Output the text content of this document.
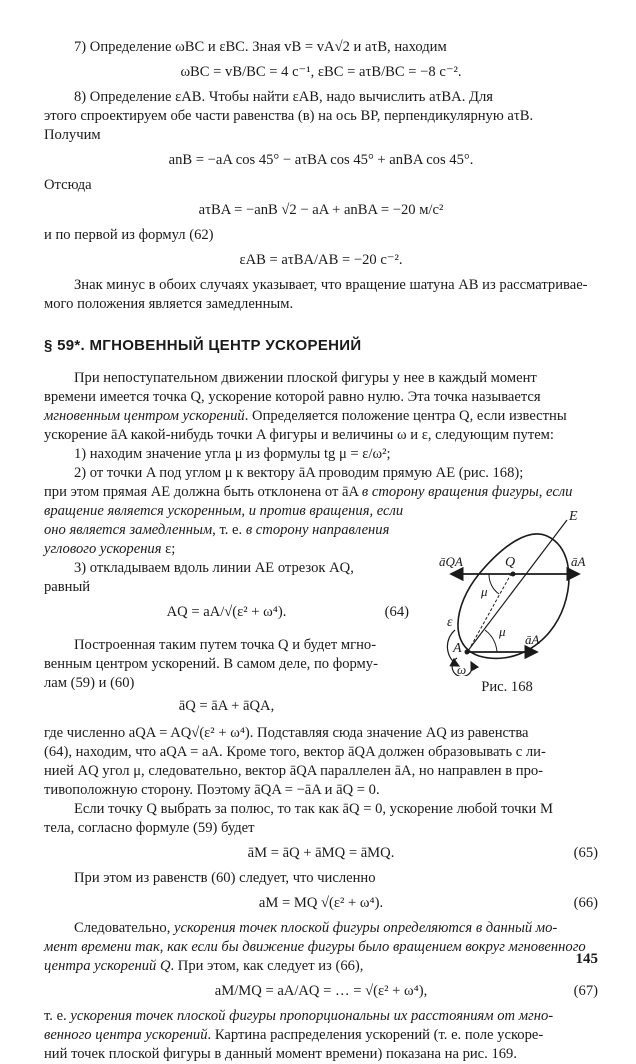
7) Определение ωBC и εBC. Зная vB = vA√2 и aτB, находим

ωBC = vB/BC = 4 c⁻¹, εBC = aτB/BC = −8 c⁻².

8) Определение εAB. Чтобы найти εAB, надо вычислить aτBA. Для

этого спроектируем обе части равенства (в) на ось BP, перпендикулярную aτB.

Получим

anB = −aA cos 45° − aτBA cos 45° + anBA cos 45°.

Отсюда

aτBA = −anB √2 − aA + anBA = −20 м/c²

и по первой из формул (62)

εAB = aτBA/AB = −20 c⁻².

Знак минус в обоих случаях указывает, что вращение шатуна AB из рассматривае-

мого положения является замедленным.

§ 59*. МГНОВЕННЫЙ ЦЕНТР УСКОРЕНИЙ

При непоступательном движении плоской фигуры у нее в каждый момент

времени имеется точка Q, ускорение которой равно нулю. Эта точка называется

мгновенным центром ускорений. Определяется положение центра Q, если известны

ускорение āA какой-нибудь точки A фигуры и величины ω и ε, следующим путем:

1) находим значение угла μ из формулы tg μ = ε/ω²;

2) от точки A под углом μ к вектору āA проводим прямую AE (рис. 168);

при этом прямая AE должна быть отклонена от āA в сторону вращения фигуры, если

вращение является ускоренным, и против вращения, если

оно является замедленным, т. е. в сторону направления

углового ускорения ε;

3) откладываем вдоль линии AE отрезок AQ,

равный

AQ = aA/√(ε² + ω⁴).	(64)

Построенная таким путем точка Q и будет мгно-

венным центром ускорений. В самом деле, по форму-

лам (59) и (60)

āQ = āA + āQA,
E
āQA	Q	āA
μ
μ
ε
āA
A
ω
Рис. 168

где численно aQA = AQ√(ε² + ω⁴). Подставляя сюда значение AQ из равенства

(64), находим, что aQA = aA. Кроме того, вектор āQA должен образовывать с ли-

нией AQ угол μ, следовательно, вектор āQA параллелен āA, но направлен в про-

тивоположную сторону. Поэтому āQA = −āA и āQ = 0.

Если точку Q выбрать за полюс, то так как āQ = 0, ускорение любой точки M

тела, согласно формуле (59) будет

āM = āQ + āMQ = āMQ.	(65)

При этом из равенств (60) следует, что численно

aM = MQ √(ε² + ω⁴).	(66)

Следовательно, ускорения точек плоской фигуры определяются в данный мо-

мент времени так, как если бы движение фигуры было вращением вокруг мгновенного

центра ускорений Q. При этом, как следует из (66),

aM/MQ = aA/AQ = … = √(ε² + ω⁴),	(67)

т. е. ускорения точек плоской фигуры пропорциональны их расстояниям от мгно-

венного центра ускорений. Картина распределения ускорений (т. е. поле ускоре-

ний точек плоской фигуры в данный момент времени) показана на рис. 169.

145
